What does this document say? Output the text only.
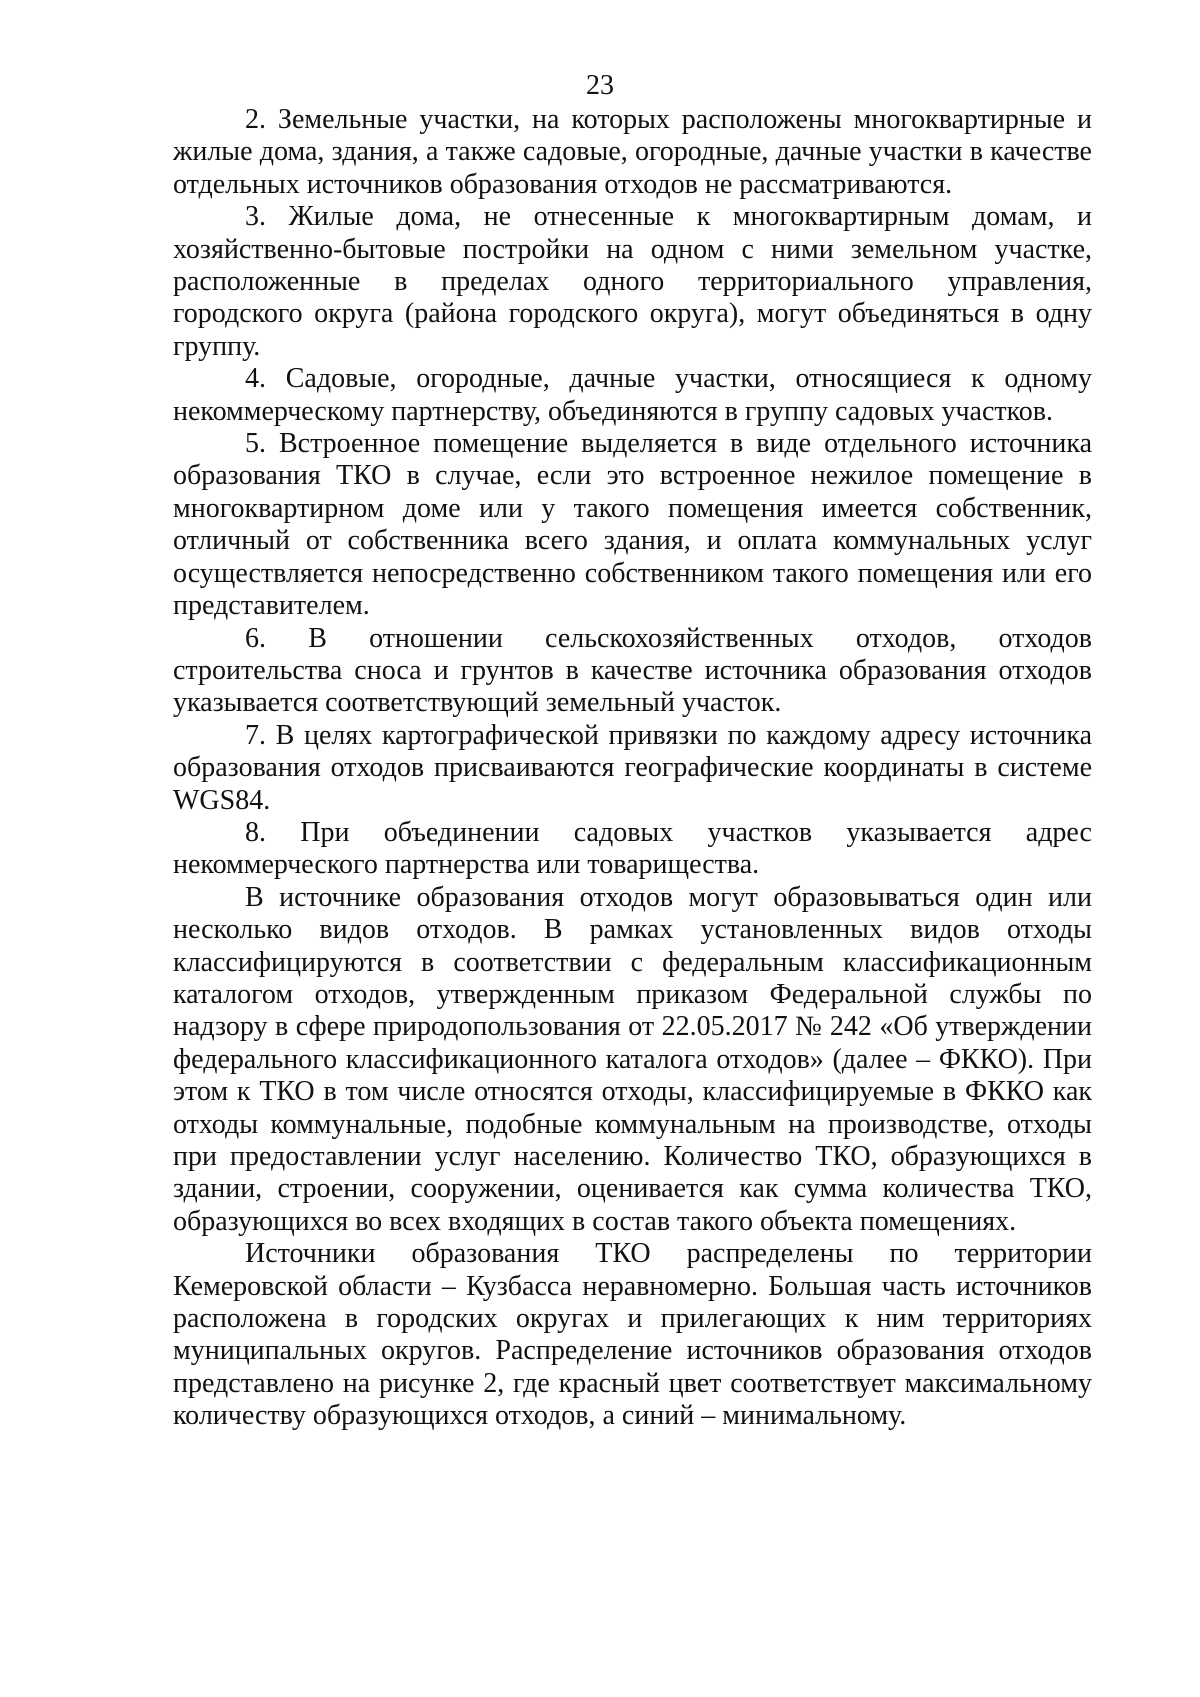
23

2. Земельные участки, на которых расположены многоквартирные и жилые дома, здания, а также садовые, огородные, дачные участки в качестве отдельных источников образования отходов не рассматриваются.

3. Жилые дома, не отнесенные к многоквартирным домам, и хозяйственно-бытовые постройки на одном с ними земельном участке, расположенные в пределах одного территориального управления, городского округа (района городского округа), могут объединяться в одну группу.

4. Садовые, огородные, дачные участки, относящиеся к одному некоммерческому партнерству, объединяются в группу садовых участков.

5. Встроенное помещение выделяется в виде отдельного источника образования ТКО в случае, если это встроенное нежилое помещение в многоквартирном доме или у такого помещения имеется собственник, отличный от собственника всего здания, и оплата коммунальных услуг осуществляется непосредственно собственником такого помещения или его представителем.

6. В отношении сельскохозяйственных отходов, отходов строительства сноса и грунтов в качестве источника образования отходов указывается соответствующий земельный участок.

7. В целях картографической привязки по каждому адресу источника образования отходов присваиваются географические координаты в системе WGS84.

8. При объединении садовых участков указывается адрес некоммерческого партнерства или товарищества.

В источнике образования отходов могут образовываться один или несколько видов отходов. В рамках установленных видов отходы классифицируются в соответствии с федеральным классификационным каталогом отходов, утвержденным приказом Федеральной службы по надзору в сфере природопользования от 22.05.2017 № 242 «Об утверждении федерального классификационного каталога отходов» (далее – ФККО). При этом к ТКО в том числе относятся отходы, классифицируемые в ФККО как отходы коммунальные, подобные коммунальным на производстве, отходы при предоставлении услуг населению. Количество ТКО, образующихся в здании, строении, сооружении, оценивается как сумма количества ТКО, образующихся во всех входящих в состав такого объекта помещениях.

Источники образования ТКО распределены по территории Кемеровской области – Кузбасса неравномерно. Большая часть источников расположена в городских округах и прилегающих к ним территориях муниципальных округов. Распределение источников образования отходов представлено на рисунке 2, где красный цвет соответствует максимальному количеству образующихся отходов, а синий – минимальному.
